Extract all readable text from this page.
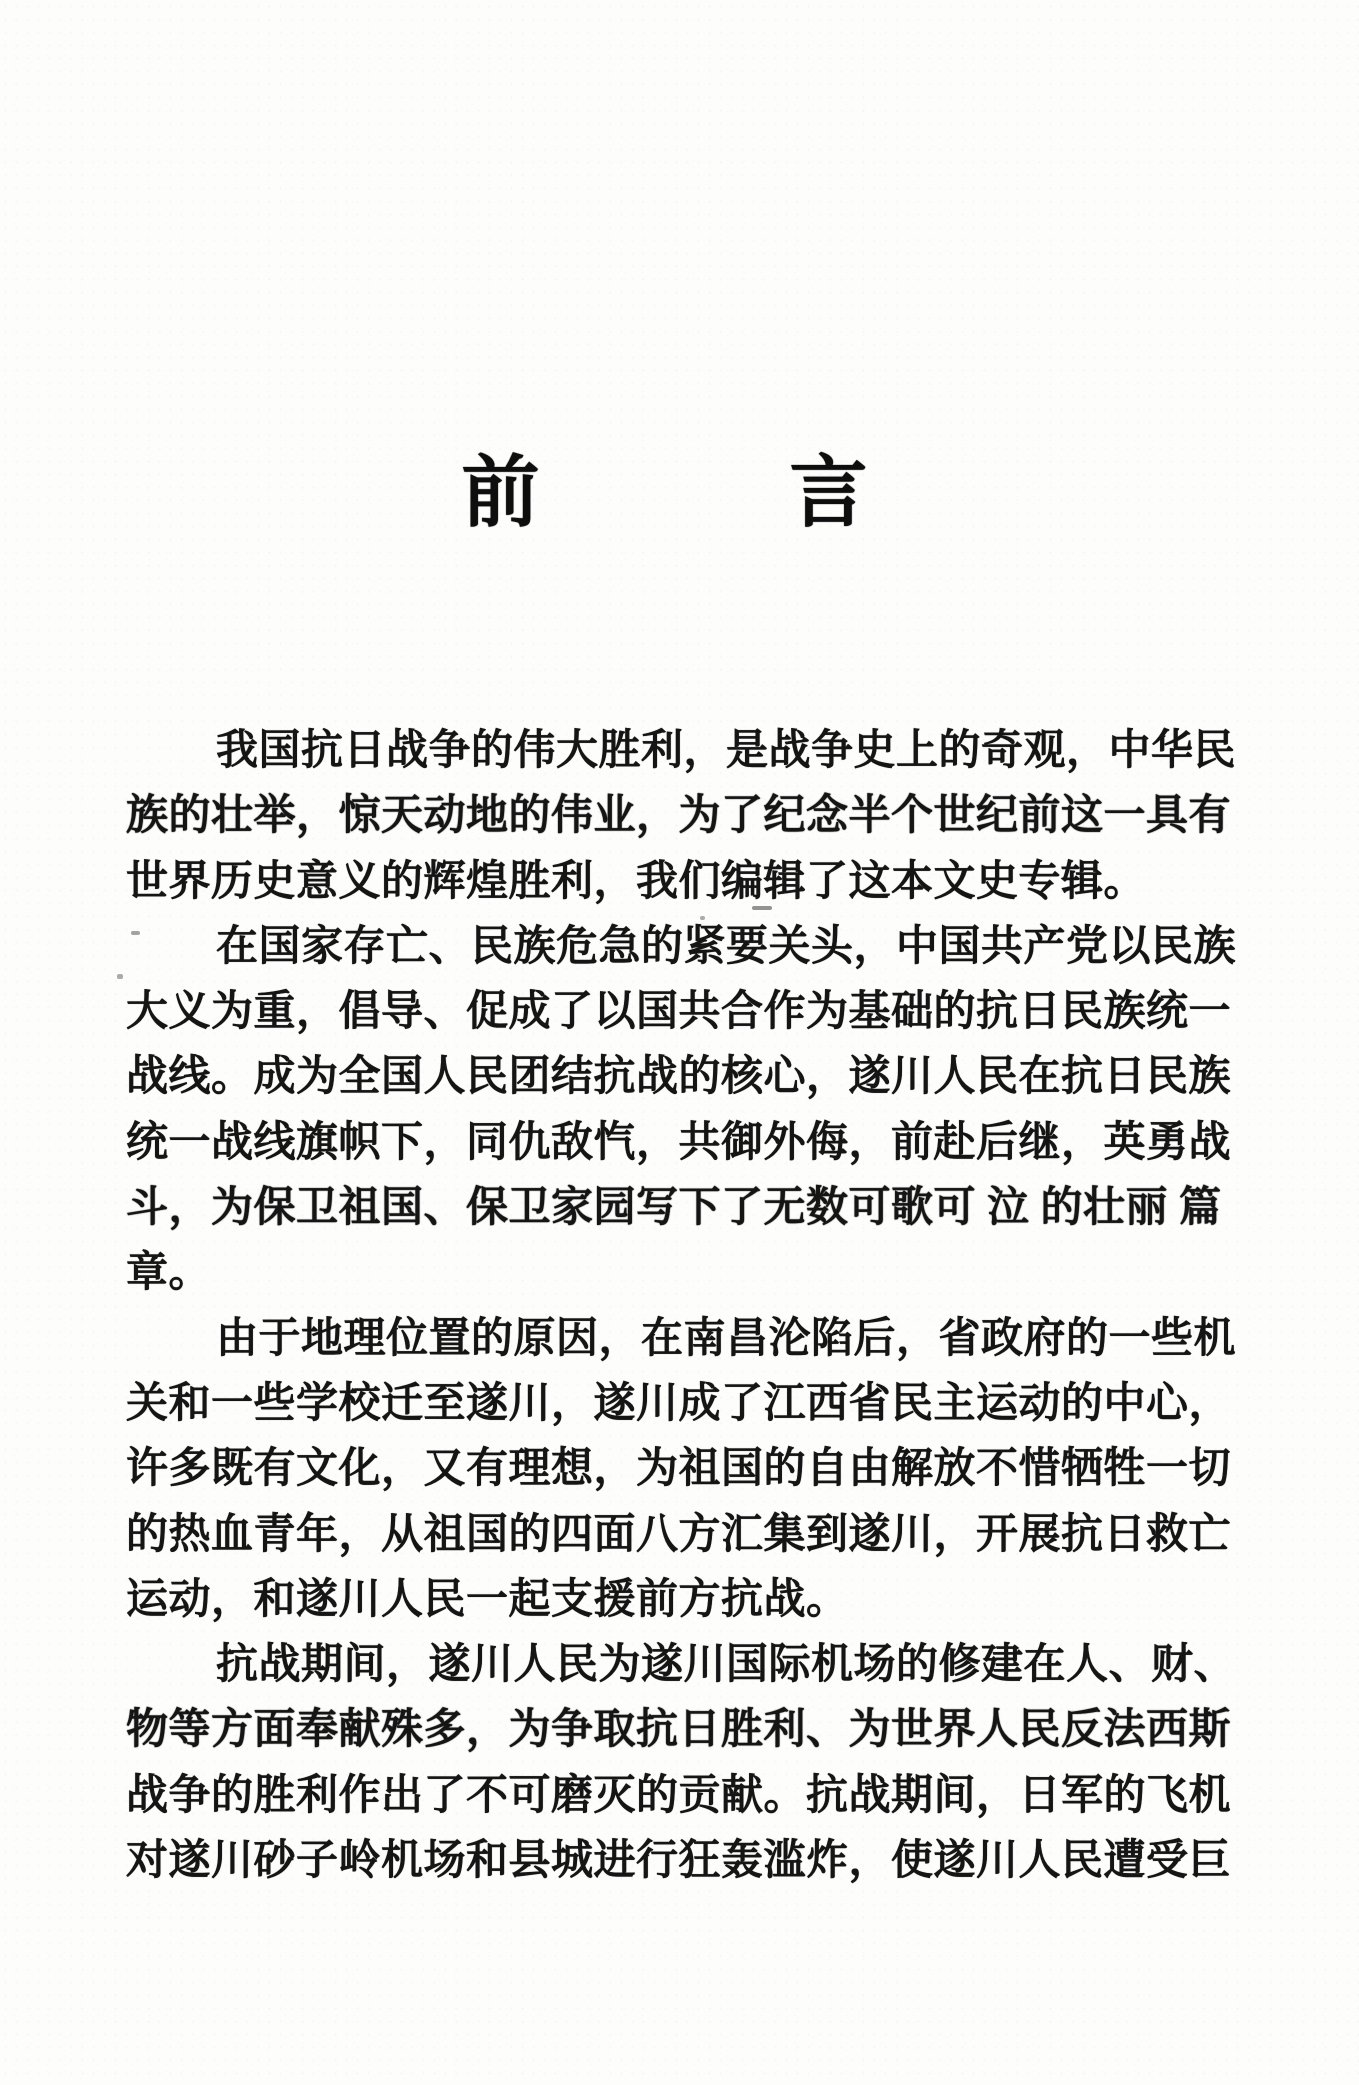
前	言
我国抗日战争的伟大胜利，是战争史上的奇观，中华民
族的壮举，惊天动地的伟业，为了纪念半个世纪前这一具有
世界历史意义的辉煌胜利，我们编辑了这本文史专辑。
在国家存亡、民族危急的紧要关头，中国共产党以民族
大义为重，倡导、促成了以国共合作为基础的抗日民族统一
战线。成为全国人民团结抗战的核心，遂川人民在抗日民族
统一战线旗帜下，同仇敌忾，共御外侮，前赴后继，英勇战
斗，为保卫祖国、保卫家园写下了无数可歌可 泣 的壮丽 篇
章。
由于地理位置的原因，在南昌沦陷后，省政府的一些机
关和一些学校迁至遂川，遂川成了江西省民主运动的中心，
许多既有文化，又有理想，为祖国的自由解放不惜牺牲一切
的热血青年，从祖国的四面八方汇集到遂川，开展抗日救亡
运动，和遂川人民一起支援前方抗战。
抗战期间，遂川人民为遂川国际机场的修建在人、财、
物等方面奉献殊多，为争取抗日胜利、为世界人民反法西斯
战争的胜利作出了不可磨灭的贡献。抗战期间，日军的飞机
对遂川砂子岭机场和县城进行狂轰滥炸，使遂川人民遭受巨
